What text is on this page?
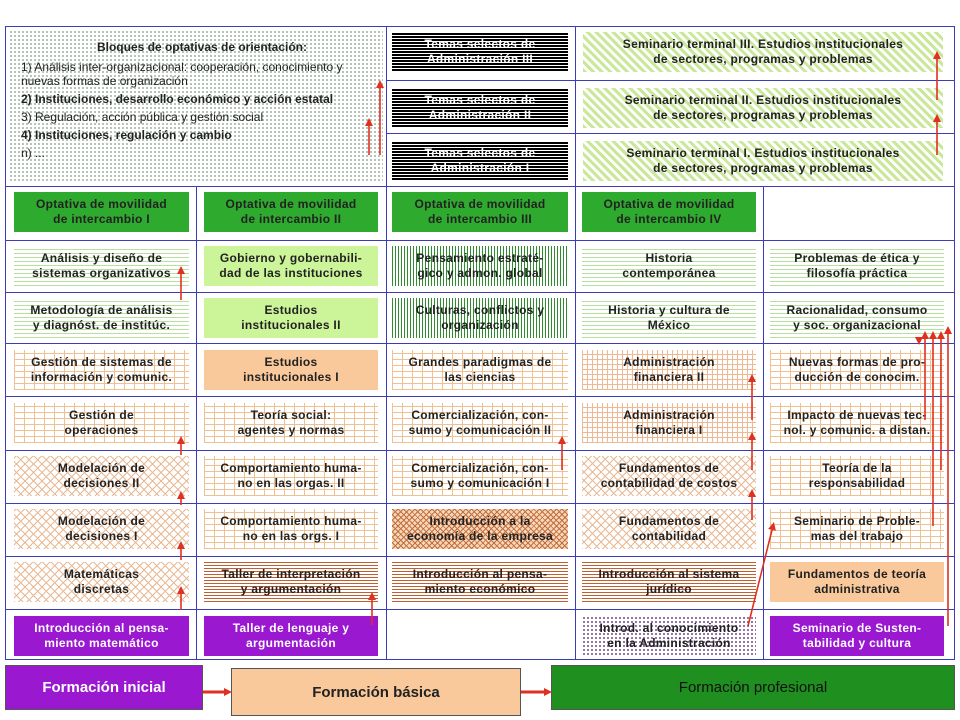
Bloques de optativas de orientación:
1) Análisis inter-organizacional: cooperación, conocimiento y nuevas formas de organización
2) Instituciones, desarrollo económico y acción estatal
3) Regulación, acción pública y gestión social
4) Instituciones, regulación y cambio
n) ...
Temas selectos de Administración III
Temas selectos de Administración II
Temas selectos de Administración I
Seminario terminal III. Estudios institucionales
de sectores, programas y problemas
Seminario terminal II. Estudios institucionales
de sectores, programas y problemas
Seminario terminal I. Estudios institucionales
de sectores, programas y problemas
Optativa de movilidad
de intercambio I
Análisis y diseño de
sistemas organizativos
Metodología de análisis
y diagnóst. de institúc.
Gestión de sistemas de
información y comunic.
Gestión de
operaciones
Modelación de
decisiones II
Modelación de
decisiones I
Matemáticas
discretas
Introducción al pensa-
miento matemático
Optativa de movilidad
de intercambio II
Gobierno y gobernabili-
dad de las instituciones
Estudios
institucionales II
Estudios
institucionales I
Teoría social:
agentes y normas
Comportamiento huma-
no en las orgas. II
Comportamiento huma-
no en las orgs. I
Taller de interpretación
y argumentación
Taller de lenguaje y
argumentación
Optativa de movilidad
de intercambio III
Pensamiento estraté-
gico y admon. global
Culturas, conflictos y
organización
Grandes paradigmas de
las ciencias
Comercialización, con-
sumo y comunicación II
Comercialización, con-
sumo y comunicación I
Introducción a la
economía de la empresa
Introducción al pensa-
miento económico
Optativa de movilidad
de intercambio IV
Historia
contemporánea
Historia y cultura de
México
Administración
financiera II
Administración
financiera I
Fundamentos de
contabilidad de costos
Fundamentos de
contabilidad
Introducción al sistema
jurídico
Introd. al conocimiento
en la Administración
Problemas de ética y
filosofía práctica
Racionalidad, consumo
y soc. organizacional
Nuevas formas de pro-
ducción de conocim.
Impacto de nuevas tec-
nol. y comunic. a distan.
Teoría de la
responsabilidad
Seminario de Proble-
mas del trabajo
Fundamentos de teoría
administrativa
Seminario de Susten-
tabilidad y cultura
Formación inicial	Formación básica	Formación profesional
